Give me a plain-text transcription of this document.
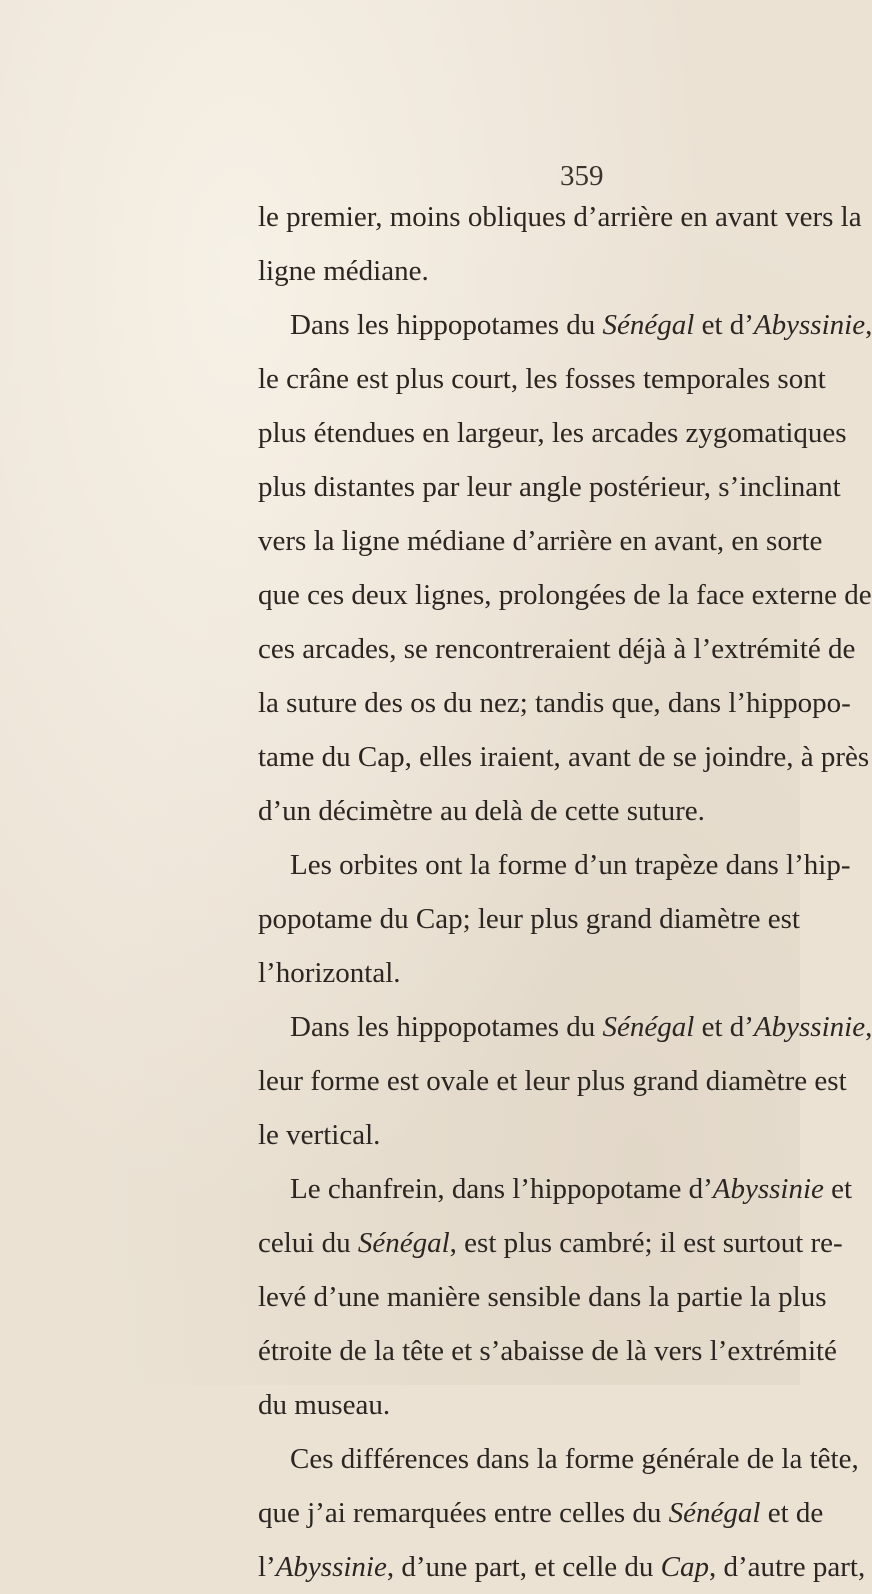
359
le premier, moins obliques d’arrière en avant vers la
ligne médiane.
Dans les hippopotames du Sénégal et d’Abyssinie,
le crâne est plus court, les fosses temporales sont
plus étendues en largeur, les arcades zygomatiques
plus distantes par leur angle postérieur, s’inclinant
vers la ligne médiane d’arrière en avant, en sorte
que ces deux lignes, prolongées de la face externe de
ces arcades, se rencontreraient déjà à l’extrémité de
la suture des os du nez; tandis que, dans l’hippopo-
tame du Cap, elles iraient, avant de se joindre, à près
d’un décimètre au delà de cette suture.
Les orbites ont la forme d’un trapèze dans l’hip-
popotame du Cap; leur plus grand diamètre est
l’horizontal.
Dans les hippopotames du Sénégal et d’Abyssinie,
leur forme est ovale et leur plus grand diamètre est
le vertical.
Le chanfrein, dans l’hippopotame d’Abyssinie et
celui du Sénégal, est plus cambré; il est surtout re-
levé d’une manière sensible dans la partie la plus
étroite de la tête et s’abaisse de là vers l’extrémité
du museau.
Ces différences dans la forme générale de la tête,
que j’ai remarquées entre celles du Sénégal et de
l’Abyssinie, d’une part, et celle du Cap, d’autre part,
